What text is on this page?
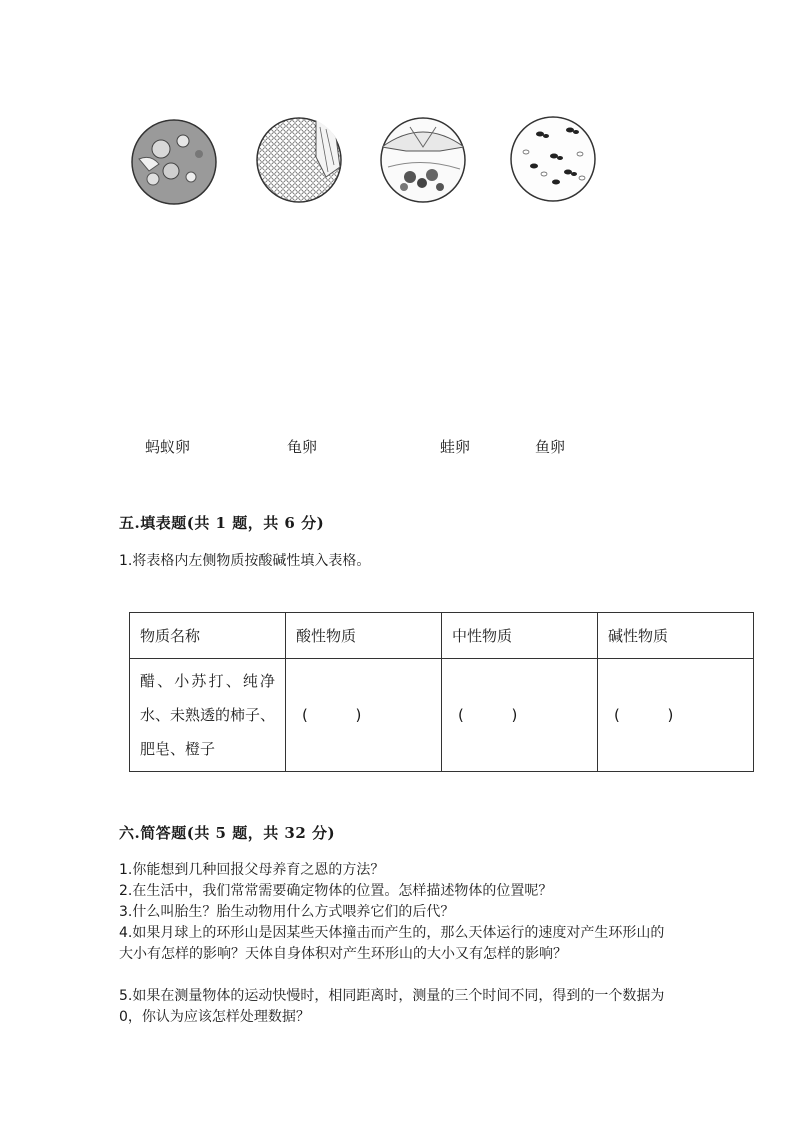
蚂蚁卵	龟卵	蛙卵	鱼卵
五.填表题(共 1 题，共 6 分)
1.将表格内左侧物质按酸碱性填入表格。
物质名称	酸性物质	中性物质	碱性物质
醋、小苏打、纯净水、未熟透的柿子、肥皂、橙子	(          )	(          )	(          )
六.简答题(共 5 题，共 32 分)
1.你能想到几种回报父母养育之恩的方法？
2.在生活中，我们常常需要确定物体的位置。怎样描述物体的位置呢？
3.什么叫胎生？胎生动物用什么方式喂养它们的后代？
4.如果月球上的环形山是因某些天体撞击而产生的，那么天体运行的速度对产生环形山的大小有怎样的影响？天体自身体积对产生环形山的大小又有怎样的影响？
5.如果在测量物体的运动快慢时，相同距离时，测量的三个时间不同，得到的一个数据为 0，你认为应该怎样处理数据？
